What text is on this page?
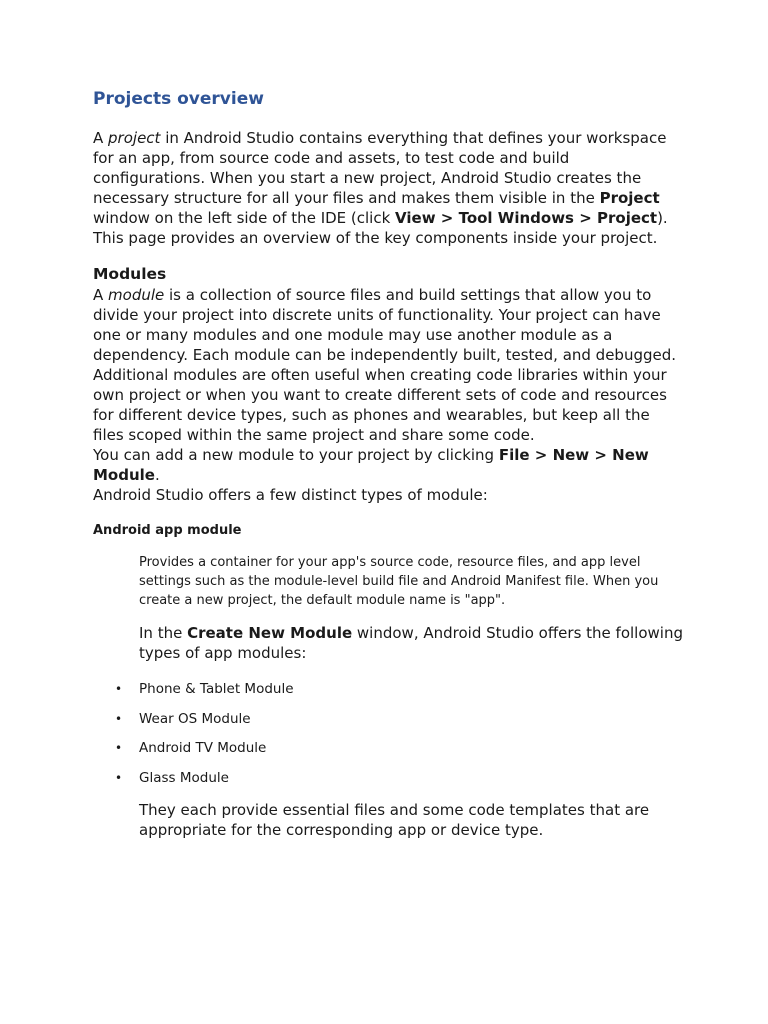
Projects overview

A project in Android Studio contains everything that defines your workspace for an app, from source code and assets, to test code and build configurations. When you start a new project, Android Studio creates the necessary structure for all your files and makes them visible in the Project window on the left side of the IDE (click View > Tool Windows > Project). This page provides an overview of the key components inside your project.

Modules

A module is a collection of source files and build settings that allow you to divide your project into discrete units of functionality. Your project can have one or many modules and one module may use another module as a dependency. Each module can be independently built, tested, and debugged.

Additional modules are often useful when creating code libraries within your own project or when you want to create different sets of code and resources for different device types, such as phones and wearables, but keep all the files scoped within the same project and share some code.

You can add a new module to your project by clicking File > New > New Module.

Android Studio offers a few distinct types of module:

Android app module

Provides a container for your app's source code, resource files, and app level settings such as the module-level build file and Android Manifest file. When you create a new project, the default module name is "app".

In the Create New Module window, Android Studio offers the following types of app modules:

• Phone & Tablet Module
• Wear OS Module
• Android TV Module
• Glass Module

They each provide essential files and some code templates that are appropriate for the corresponding app or device type.
